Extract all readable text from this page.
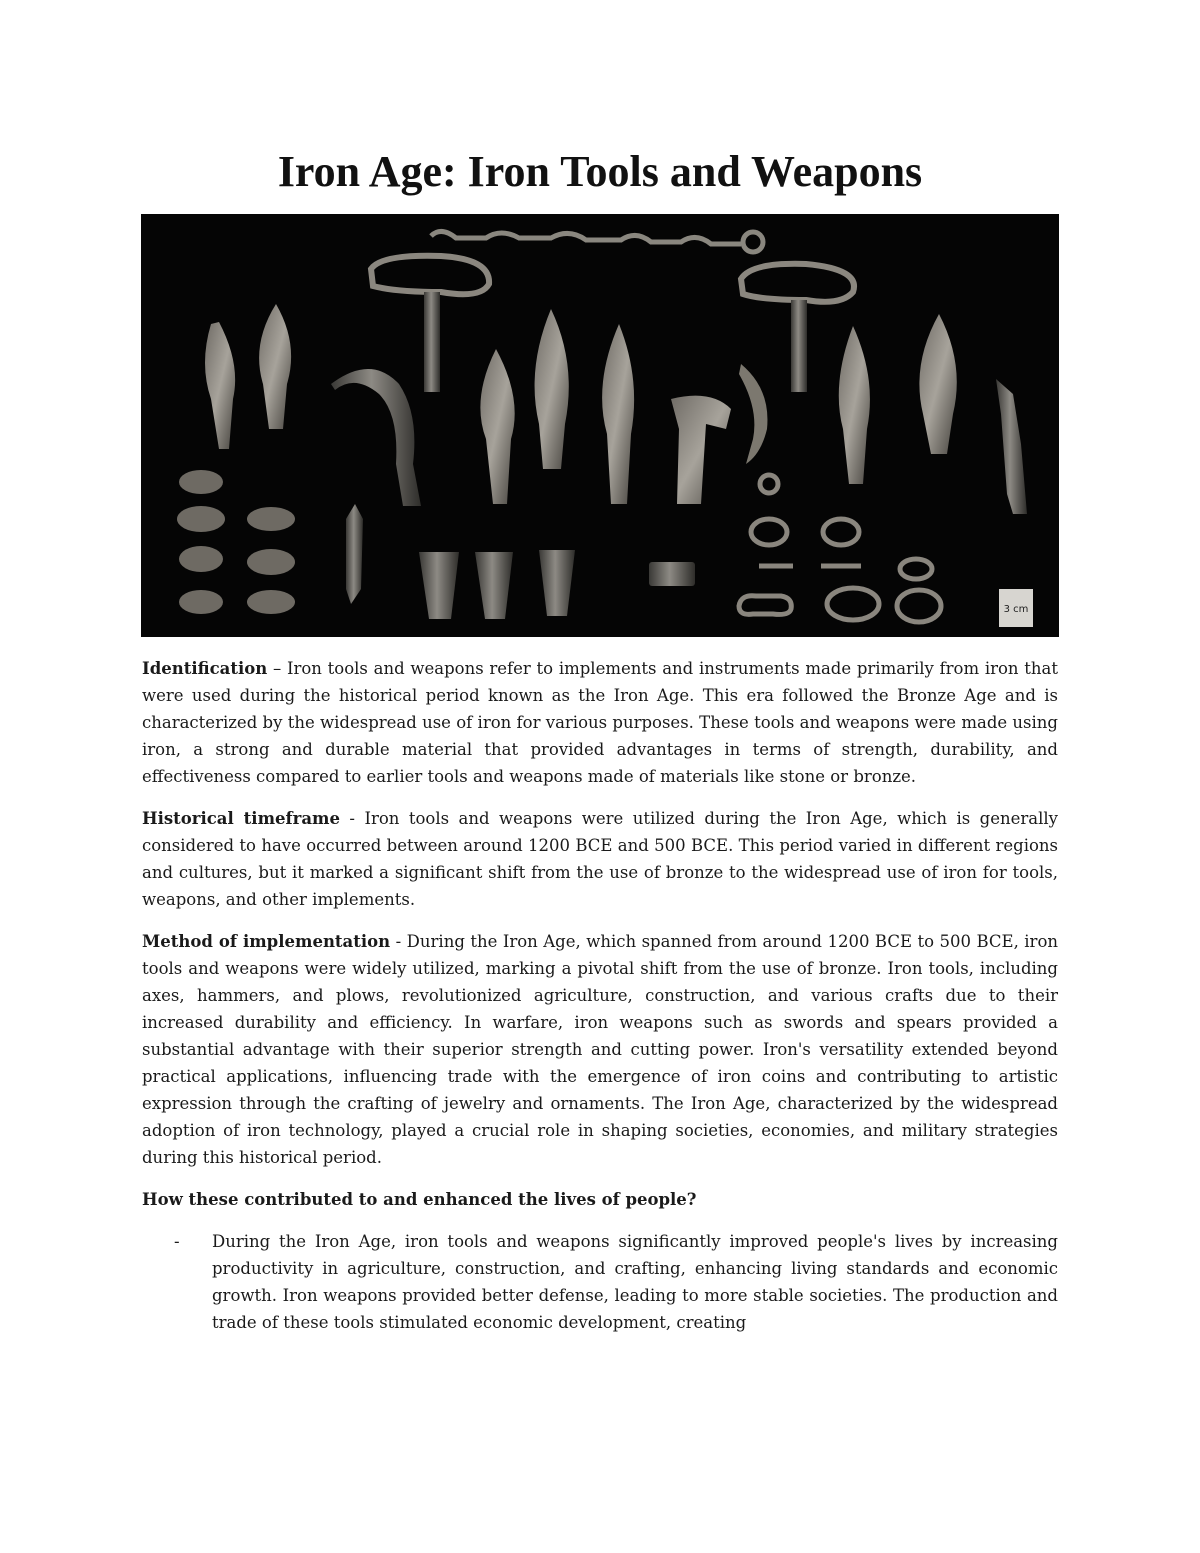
Iron Age: Iron Tools and Weapons
3 cm

Identification – Iron tools and weapons refer to implements and instruments made primarily from iron that were used during the historical period known as the Iron Age. This era followed the Bronze Age and is characterized by the widespread use of iron for various purposes. These tools and weapons were made using iron, a strong and durable material that provided advantages in terms of strength, durability, and effectiveness compared to earlier tools and weapons made of materials like stone or bronze.

Historical timeframe - Iron tools and weapons were utilized during the Iron Age, which is generally considered to have occurred between around 1200 BCE and 500 BCE. This period varied in different regions and cultures, but it marked a significant shift from the use of bronze to the widespread use of iron for tools, weapons, and other implements.

Method of implementation - During the Iron Age, which spanned from around 1200 BCE to 500 BCE, iron tools and weapons were widely utilized, marking a pivotal shift from the use of bronze. Iron tools, including axes, hammers, and plows, revolutionized agriculture, construction, and various crafts due to their increased durability and efficiency. In warfare, iron weapons such as swords and spears provided a substantial advantage with their superior strength and cutting power. Iron's versatility extended beyond practical applications, influencing trade with the emergence of iron coins and contributing to artistic expression through the crafting of jewelry and ornaments. The Iron Age, characterized by the widespread adoption of iron technology, played a crucial role in shaping societies, economies, and military strategies during this historical period.

How these contributed to and enhanced the lives of people?

- During the Iron Age, iron tools and weapons significantly improved people's lives by increasing productivity in agriculture, construction, and crafting, enhancing living standards and economic growth. Iron weapons provided better defense, leading to more stable societies. The production and trade of these tools stimulated economic development, creating
